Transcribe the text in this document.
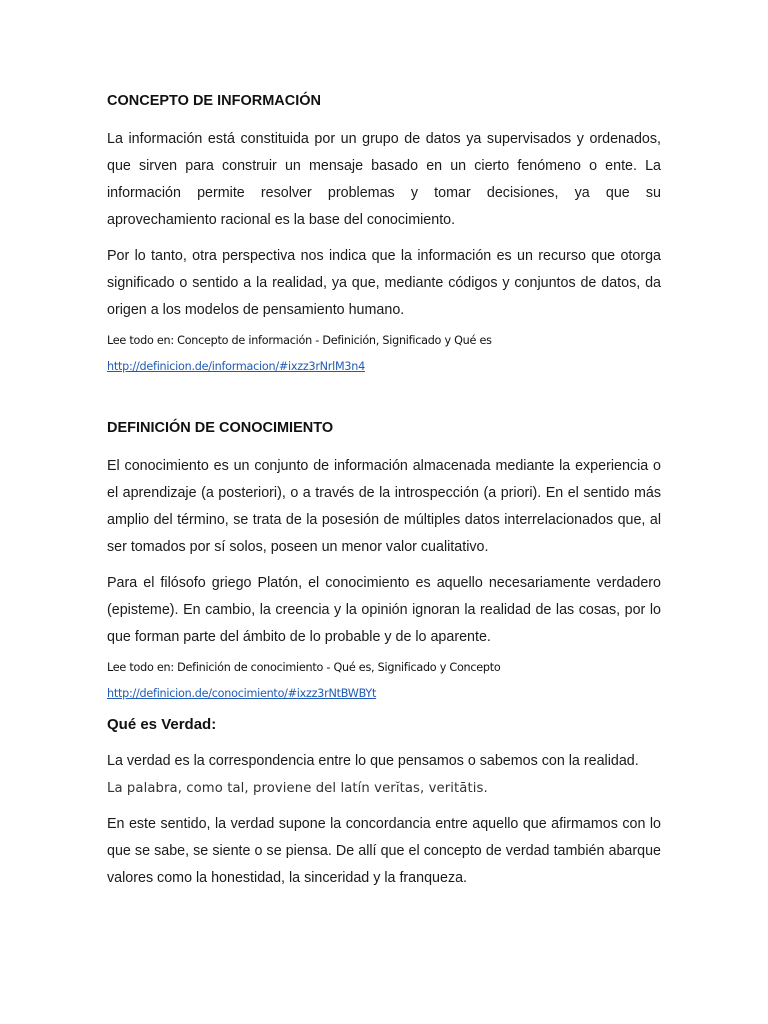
CONCEPTO DE INFORMACIÓN

La información está constituida por un grupo de datos ya supervisados y ordenados, que sirven para construir un mensaje basado en un cierto fenómeno o ente. La información permite resolver problemas y tomar decisiones, ya que su aprovechamiento racional es la base del conocimiento.

Por lo tanto, otra perspectiva nos indica que la información es un recurso que otorga significado o sentido a la realidad, ya que, mediante códigos y conjuntos de datos, da origen a los modelos de pensamiento humano.

Lee todo en: Concepto de información - Definición, Significado y Qué es
http://definicion.de/informacion/#ixzz3rNrlM3n4
DEFINICIÓN DE CONOCIMIENTO

El conocimiento es un conjunto de información almacenada mediante la experiencia o el aprendizaje (a posteriori), o a través de la introspección (a priori). En el sentido más amplio del término, se trata de la posesión de múltiples datos interrelacionados que, al ser tomados por sí solos, poseen un menor valor cualitativo.

Para el filósofo griego Platón, el conocimiento es aquello necesariamente verdadero (episteme). En cambio, la creencia y la opinión ignoran la realidad de las cosas, por lo que forman parte del ámbito de lo probable y de lo aparente.

Lee todo en: Definición de conocimiento - Qué es, Significado y Concepto
http://definicion.de/conocimiento/#ixzz3rNtBWBYt
Qué es Verdad:

La verdad es la correspondencia entre lo que pensamos o sabemos con la realidad.
La palabra, como tal, proviene del latín verĭtas, veritātis.

En este sentido, la verdad supone la concordancia entre aquello que afirmamos con lo que se sabe, se siente o se piensa. De allí que el concepto de verdad también abarque valores como la honestidad, la sinceridad y la franqueza.
